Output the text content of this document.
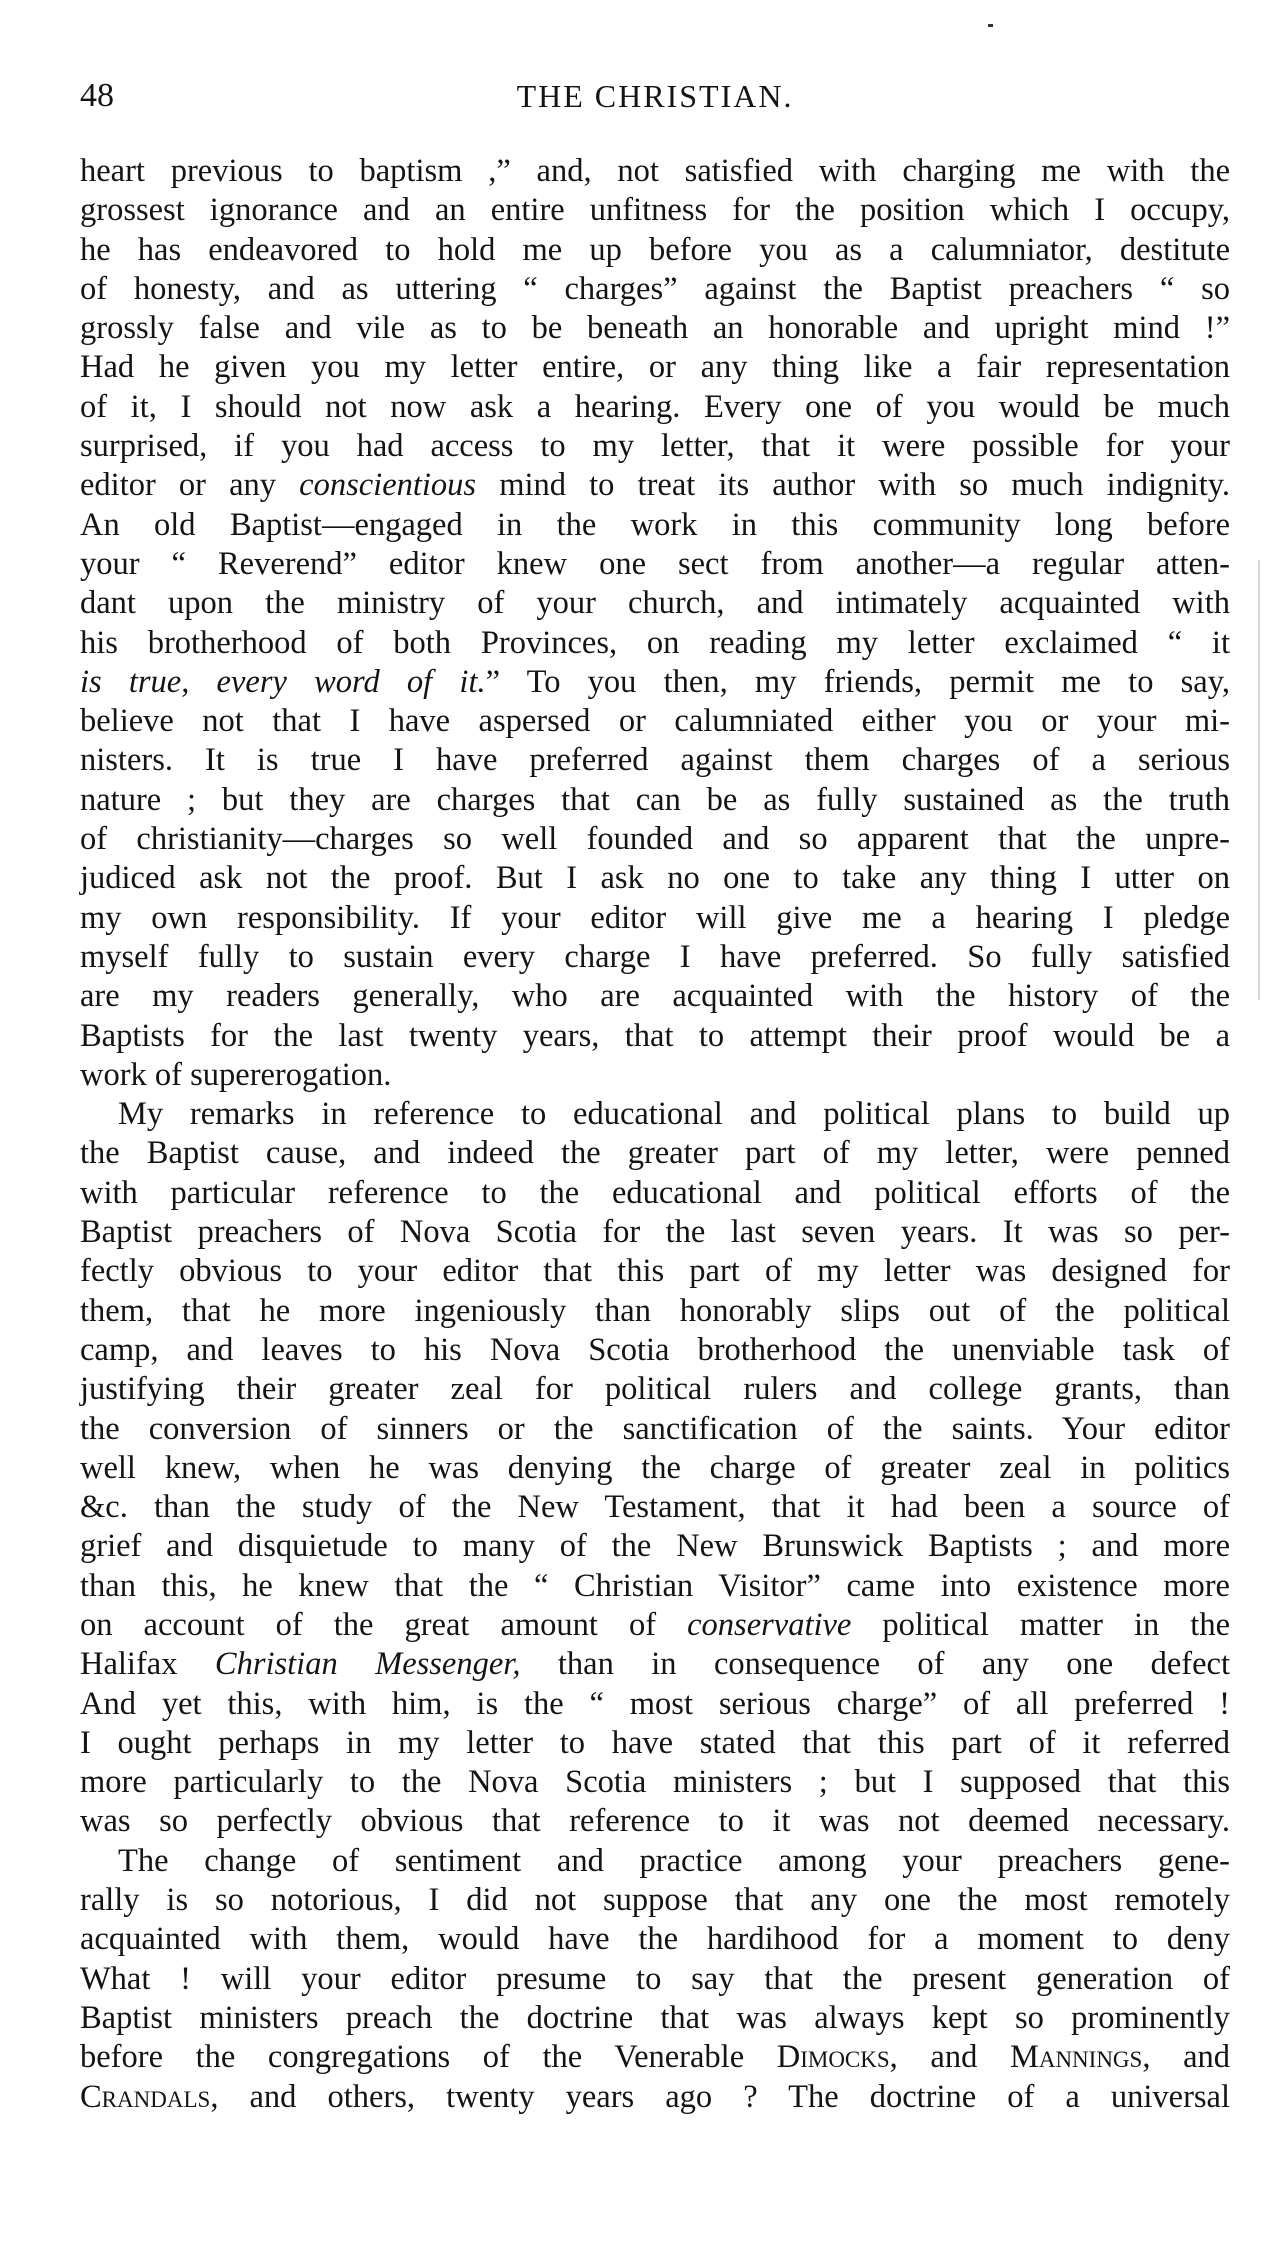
48	THE CHRISTIAN.
heart previous to baptism ,” and, not satisfied with charging me with the
grossest ignorance and an entire unfitness for the position which I occupy,
he has endeavored to hold me up before you as a calumniator, destitute
of honesty, and as uttering “ charges” against the Baptist preachers “ so
grossly false and vile as to be beneath an honorable and upright mind !”
Had he given you my letter entire, or any thing like a fair representation
of it, I should not now ask a hearing. Every one of you would be much
surprised, if you had access to my letter, that it were possible for your
editor or any conscientious mind to treat its author with so much indignity.
An old Baptist—engaged in the work in this community long before
your “ Reverend” editor knew one sect from another—a regular atten-
dant upon the ministry of your church, and intimately acquainted with
his brotherhood of both Provinces, on reading my letter exclaimed “ it
is true, every word of it.” To you then, my friends, permit me to say,
believe not that I have aspersed or calumniated either you or your mi-
nisters. It is true I have preferred against them charges of a serious
nature ; but they are charges that can be as fully sustained as the truth
of christianity—charges so well founded and so apparent that the unpre-
judiced ask not the proof. But I ask no one to take any thing I utter on
my own responsibility. If your editor will give me a hearing I pledge
myself fully to sustain every charge I have preferred. So fully satisfied
are my readers generally, who are acquainted with the history of the
Baptists for the last twenty years, that to attempt their proof would be a
work of supererogation.
My remarks in reference to educational and political plans to build up
the Baptist cause, and indeed the greater part of my letter, were penned
with particular reference to the educational and political efforts of the
Baptist preachers of Nova Scotia for the last seven years. It was so per-
fectly obvious to your editor that this part of my letter was designed for
them, that he more ingeniously than honorably slips out of the political
camp, and leaves to his Nova Scotia brotherhood the unenviable task of
justifying their greater zeal for political rulers and college grants, than
the conversion of sinners or the sanctification of the saints. Your editor
well knew, when he was denying the charge of greater zeal in politics
&c. than the study of the New Testament, that it had been a source of
grief and disquietude to many of the New Brunswick Baptists ; and more
than this, he knew that the “ Christian Visitor” came into existence more
on account of the great amount of conservative political matter in the
Halifax Christian Messenger, than in consequence of any one defect
And yet this, with him, is the “ most serious charge” of all preferred !
I ought perhaps in my letter to have stated that this part of it referred
more particularly to the Nova Scotia ministers ; but I supposed that this
was so perfectly obvious that reference to it was not deemed necessary.
The change of sentiment and practice among your preachers gene-
rally is so notorious, I did not suppose that any one the most remotely
acquainted with them, would have the hardihood for a moment to deny
What ! will your editor presume to say that the present generation of
Baptist ministers preach the doctrine that was always kept so prominently
before the congregations of the Venerable Dimocks, and Mannings, and
Crandals, and others, twenty years ago ? The doctrine of a universal
